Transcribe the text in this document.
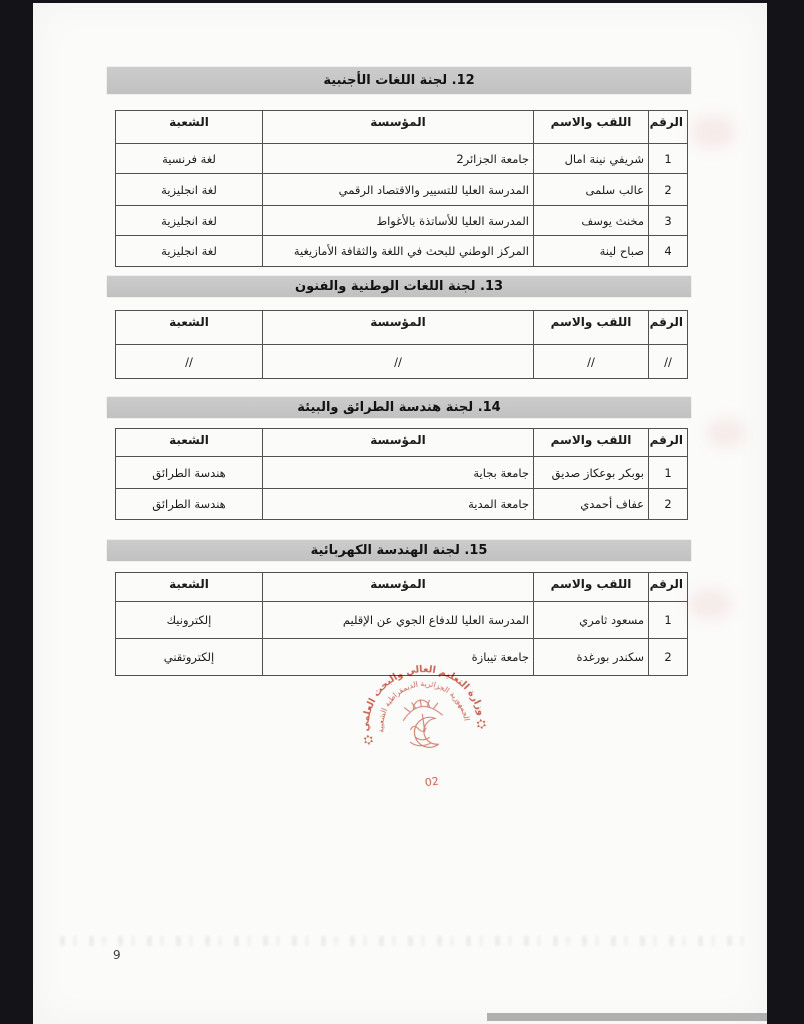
12. لجنة اللغات الأجنبية
الرقم	اللقب والاسم	المؤسسة	الشعبة
1	شريفي نينة امال	جامعة الجزائر2	لغة فرنسية
2	عالب سلمى	المدرسة العليا للتسيير والاقتصاد الرقمي	لغة انجليزية
3	مخنث يوسف	المدرسة العليا للأساتذة بالأغواط	لغة انجليزية
4	صباح لينة	المركز الوطني للبحث في اللغة والثقافة الأمازيغية	لغة انجليزية
13. لجنة اللغات الوطنية والفنون
الرقم	اللقب والاسم	المؤسسة	الشعبة
//	//	//	//
14. لجنة هندسة الطرائق والبيئة
الرقم	اللقب والاسم	المؤسسة	الشعبة
1	بوبكر بوعكاز صديق	جامعة بجاية	هندسة الطرائق
2	عفاف أحمدي	جامعة المدية	هندسة الطرائق
15. لجنة الهندسة الكهربائية
الرقم	اللقب والاسم	المؤسسة	الشعبة
1	مسعود ثامري	المدرسة العليا للدفاع الجوي عن الإقليم	إلكترونيك
2	سكندر بورغدة	جامعة تيبازة	إلكتروتقني
وزارة التعليم العالي والبحث العلمي
الجمهورية الجزائرية الديمقراطية الشعبية
02
9
